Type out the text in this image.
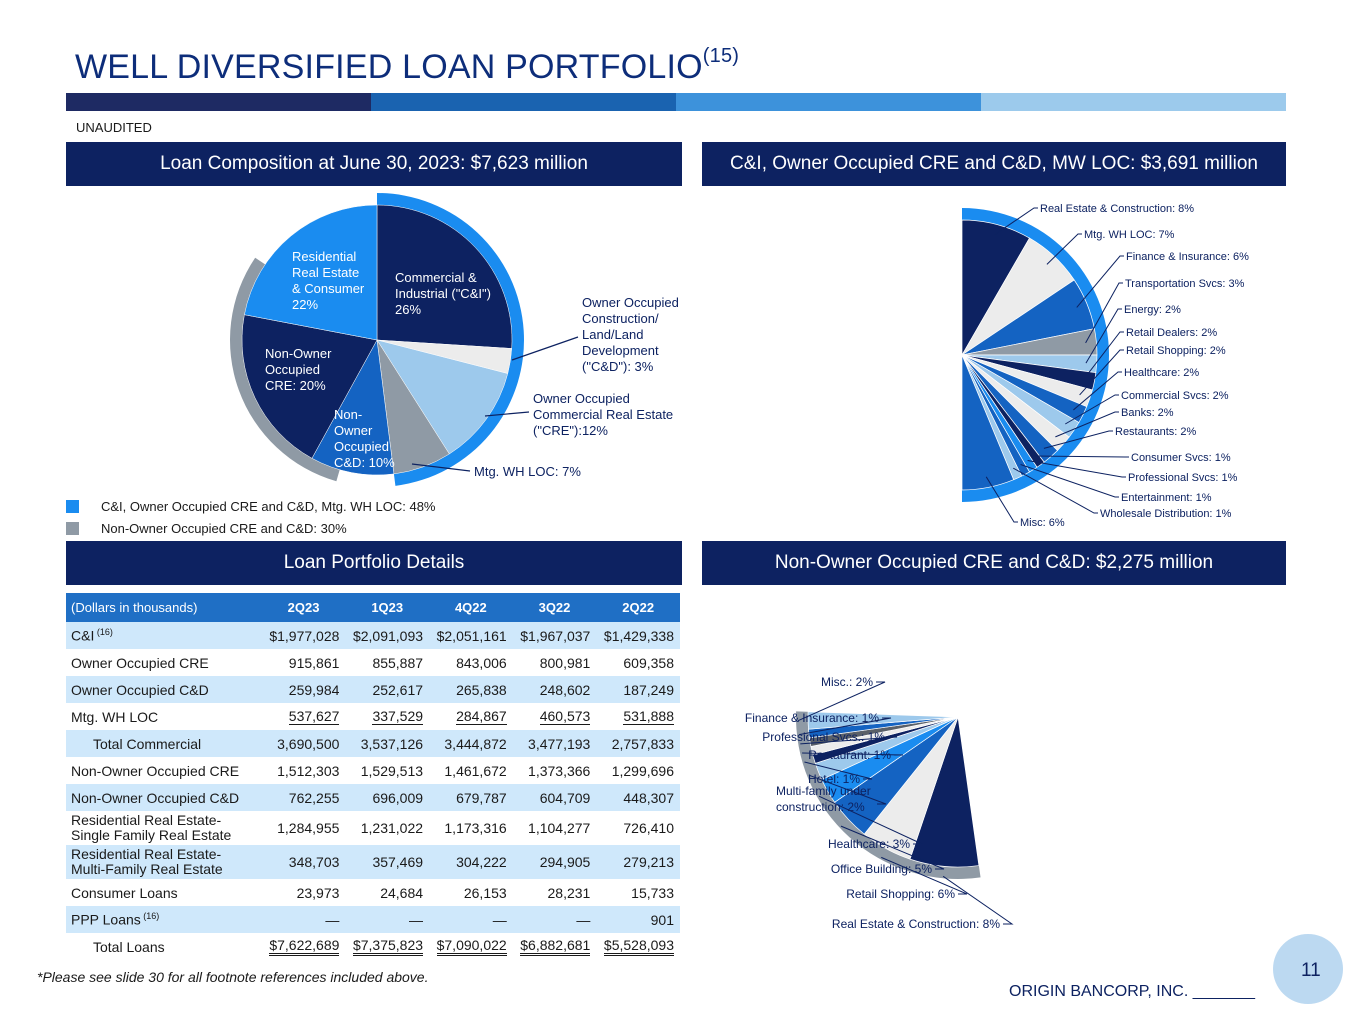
WELL DIVERSIFIED LOAN PORTFOLIO$^{(15)}$
UNAUDITED
Loan Composition at June 30, 2023: $7,623 million	C&I, Owner Occupied CRE and C&D, MW LOC: $3,691 million
Loan Portfolio Details	Non-Owner Occupied CRE and C&D: $2,275 million
Commercial & Industrial ("C&I") 26%
Residential Real Estate & Consumer 22%
Non-Owner Occupied CRE: 20%
Non-Owner Occupied C&D: 10%
Owner Occupied Construction/ Land/Land Development ("C&D"): 3%
Owner Occupied Commercial Real Estate ("CRE"):12%
Mtg. WH LOC: 7%
C&I, Owner Occupied CRE and C&D, Mtg. WH LOC: 48%
Non-Owner Occupied CRE and C&D: 30%
Real Estate & Construction: 8%
Mtg. WH LOC: 7%
Finance & Insurance: 6%
Transportation Svcs: 3%
Energy: 2%
Retail Dealers: 2%
Retail Shopping: 2%
Healthcare: 2%
Commercial Svcs: 2%
Banks: 2%
Restaurants: 2%
Consumer Svcs: 1%
Professional Svcs: 1%
Entertainment: 1%
Wholesale Distribution: 1%
Misc: 6%
Real Estate & Construction: 8%
Retail Shopping: 6%
Office Building: 5%
Healthcare: 3%
Multi-family under construction: 2%
Hotel: 1%
Restaurant: 1%
Professional Svcs.: 1%
Finance & Insurance: 1%
Misc.: 2%
(Dollars in thousands)	2Q23	1Q23	4Q22	3Q22	2Q22
C&I $^{(16)}$	$1,977,028	$2,091,093	$2,051,161	$1,967,037	$1,429,338
Owner Occupied CRE	915,861	855,887	843,006	800,981	609,358
Owner Occupied C&D	259,984	252,617	265,838	248,602	187,249
Mtg. WH LOC	537,627	337,529	284,867	460,573	531,888
Total Commercial	3,690,500	3,537,126	3,444,872	3,477,193	2,757,833
Non-Owner Occupied CRE	1,512,303	1,529,513	1,461,672	1,373,366	1,299,696
Non-Owner Occupied C&D	762,255	696,009	679,787	604,709	448,307
Residential Real Estate-
Single Family Real Estate	1,284,955	1,231,022	1,173,316	1,104,277	726,410
Residential Real Estate-
Multi-Family Real Estate	348,703	357,469	304,222	294,905	279,213
Consumer Loans	23,973	24,684	26,153	28,231	15,733
PPP Loans $^{(16)}$	—	—	—	—	901
Total Loans	$7,622,689	$7,375,823	$7,090,022	$6,882,681	$5,528,093
*Please see slide 30 for all footnote references included above.
ORIGIN BANCORP, INC. _______
11
